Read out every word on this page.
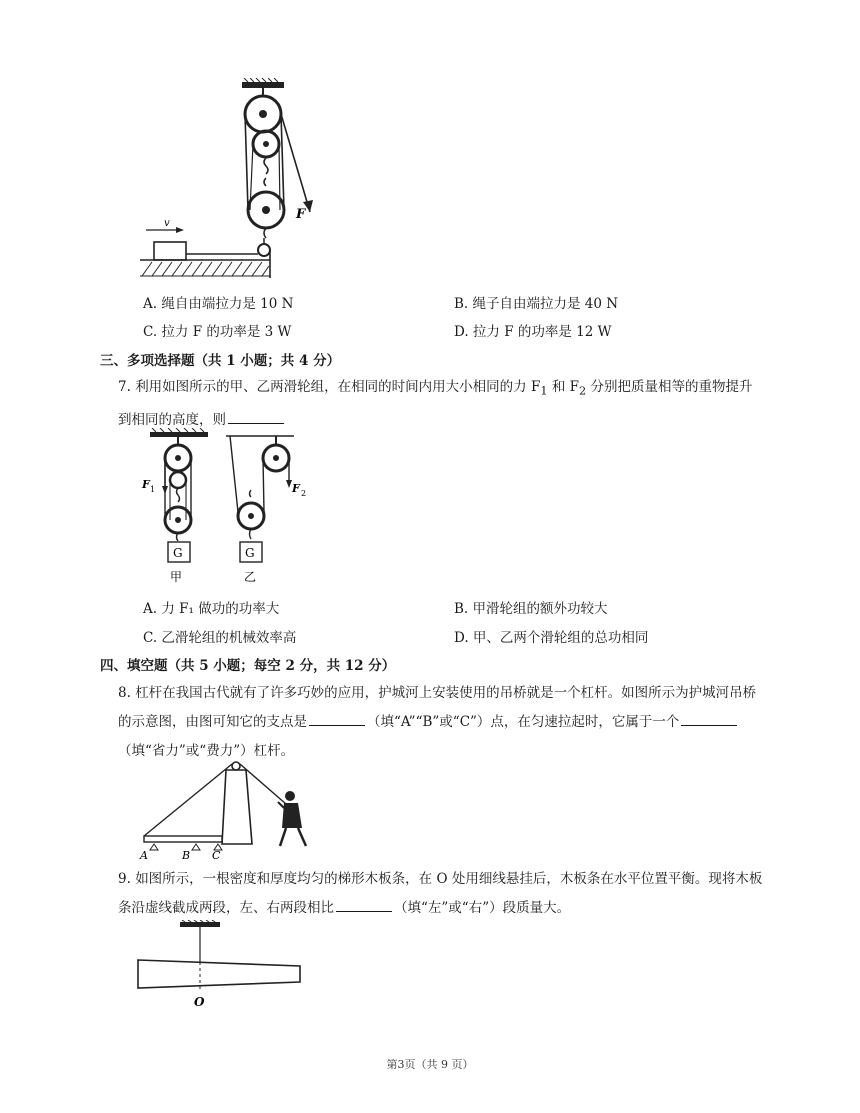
F
v
A. 绳自由端拉力是 10 N	B. 绳子自由端拉力是 40 N
C. 拉力 F 的功率是 3 W	D. 拉力 F 的功率是 12 W
三、多项选择题（共 1 小题；共 4 分）
7. 利用如图所示的甲、乙两滑轮组，在相同的时间内用大小相同的力 $F_1$ 和 $F_2$ 分别把质量相等的重物提升到相同的高度，则
F 1
G
甲
F 2
G
乙
A. 力 F₁ 做功的功率大	B. 甲滑轮组的额外功较大
C. 乙滑轮组的机械效率高	D. 甲、乙两个滑轮组的总功相同
四、填空题（共 5 小题；每空 2 分，共 12 分）
8. 杠杆在我国古代就有了许多巧妙的应用，护城河上安装使用的吊桥就是一个杠杆。如图所示为护城河吊桥的示意图，由图可知它的支点是	（填“A”“B”或“C”）点，在匀速拉起时，它属于一个（填“省力”或“费力”）杠杆。
A	B C
9. 如图所示，一根密度和厚度均匀的梯形木板条，在 O 处用细线悬挂后，木板条在水平位置平衡。现将木板条沿虚线截成两段，左、右两段相比	（填“左”或“右”）段质量大。
O
第3页（共 9 页）
